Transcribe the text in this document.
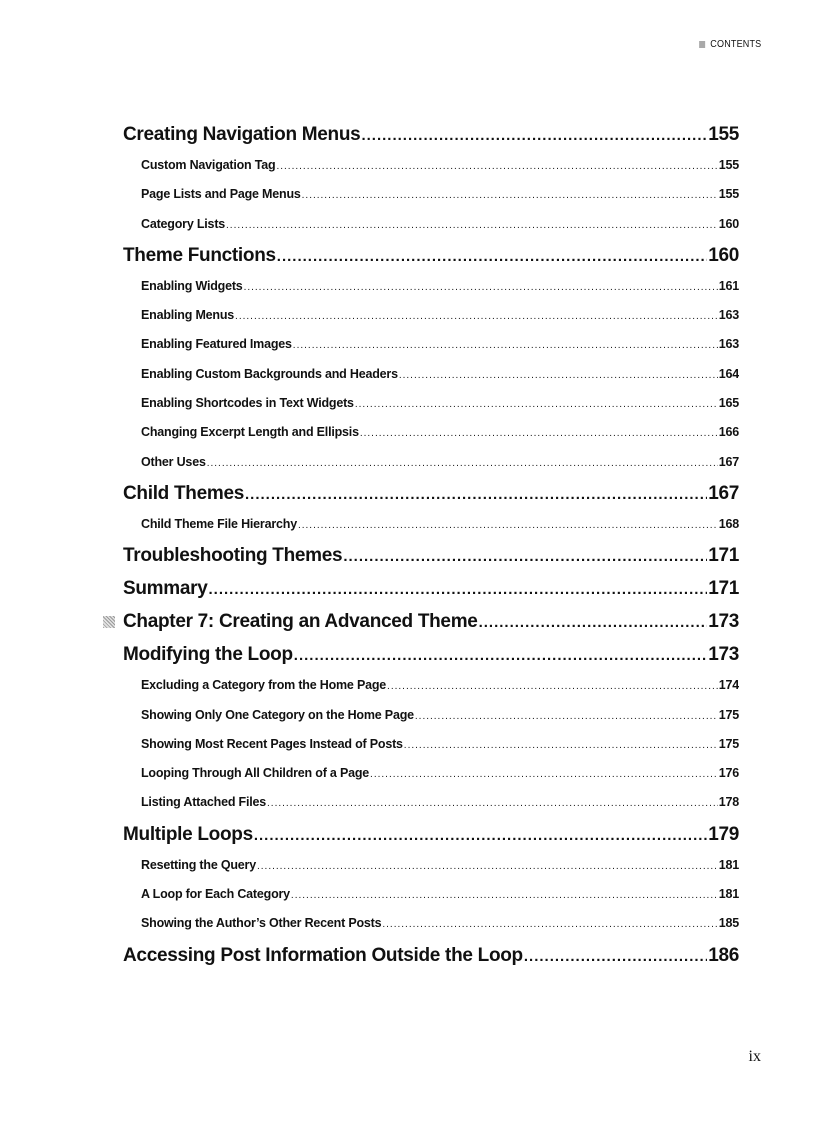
CONTENTS
Creating Navigation Menus .....	155
Custom Navigation Tag .....	155
Page Lists and Page Menus .....	155
Category Lists .....	160
Theme Functions .....	160
Enabling Widgets .....	161
Enabling Menus .....	163
Enabling Featured Images .....	163
Enabling Custom Backgrounds and Headers .....	164
Enabling Shortcodes in Text Widgets .....	165
Changing Excerpt Length and Ellipsis .....	166
Other Uses .....	167
Child Themes .....	167
Child Theme File Hierarchy .....	168
Troubleshooting Themes .....	171
Summary .....	171
Chapter 7: Creating an Advanced Theme .....	173
Modifying the Loop .....	173
Excluding a Category from the Home Page .....	174
Showing Only One Category on the Home Page .....	175
Showing Most Recent Pages Instead of Posts .....	175
Looping Through All Children of a Page .....	176
Listing Attached Files .....	178
Multiple Loops .....	179
Resetting the Query .....	181
A Loop for Each Category .....	181
Showing the Author’s Other Recent Posts .....	185
Accessing Post Information Outside the Loop .....	186
ix
